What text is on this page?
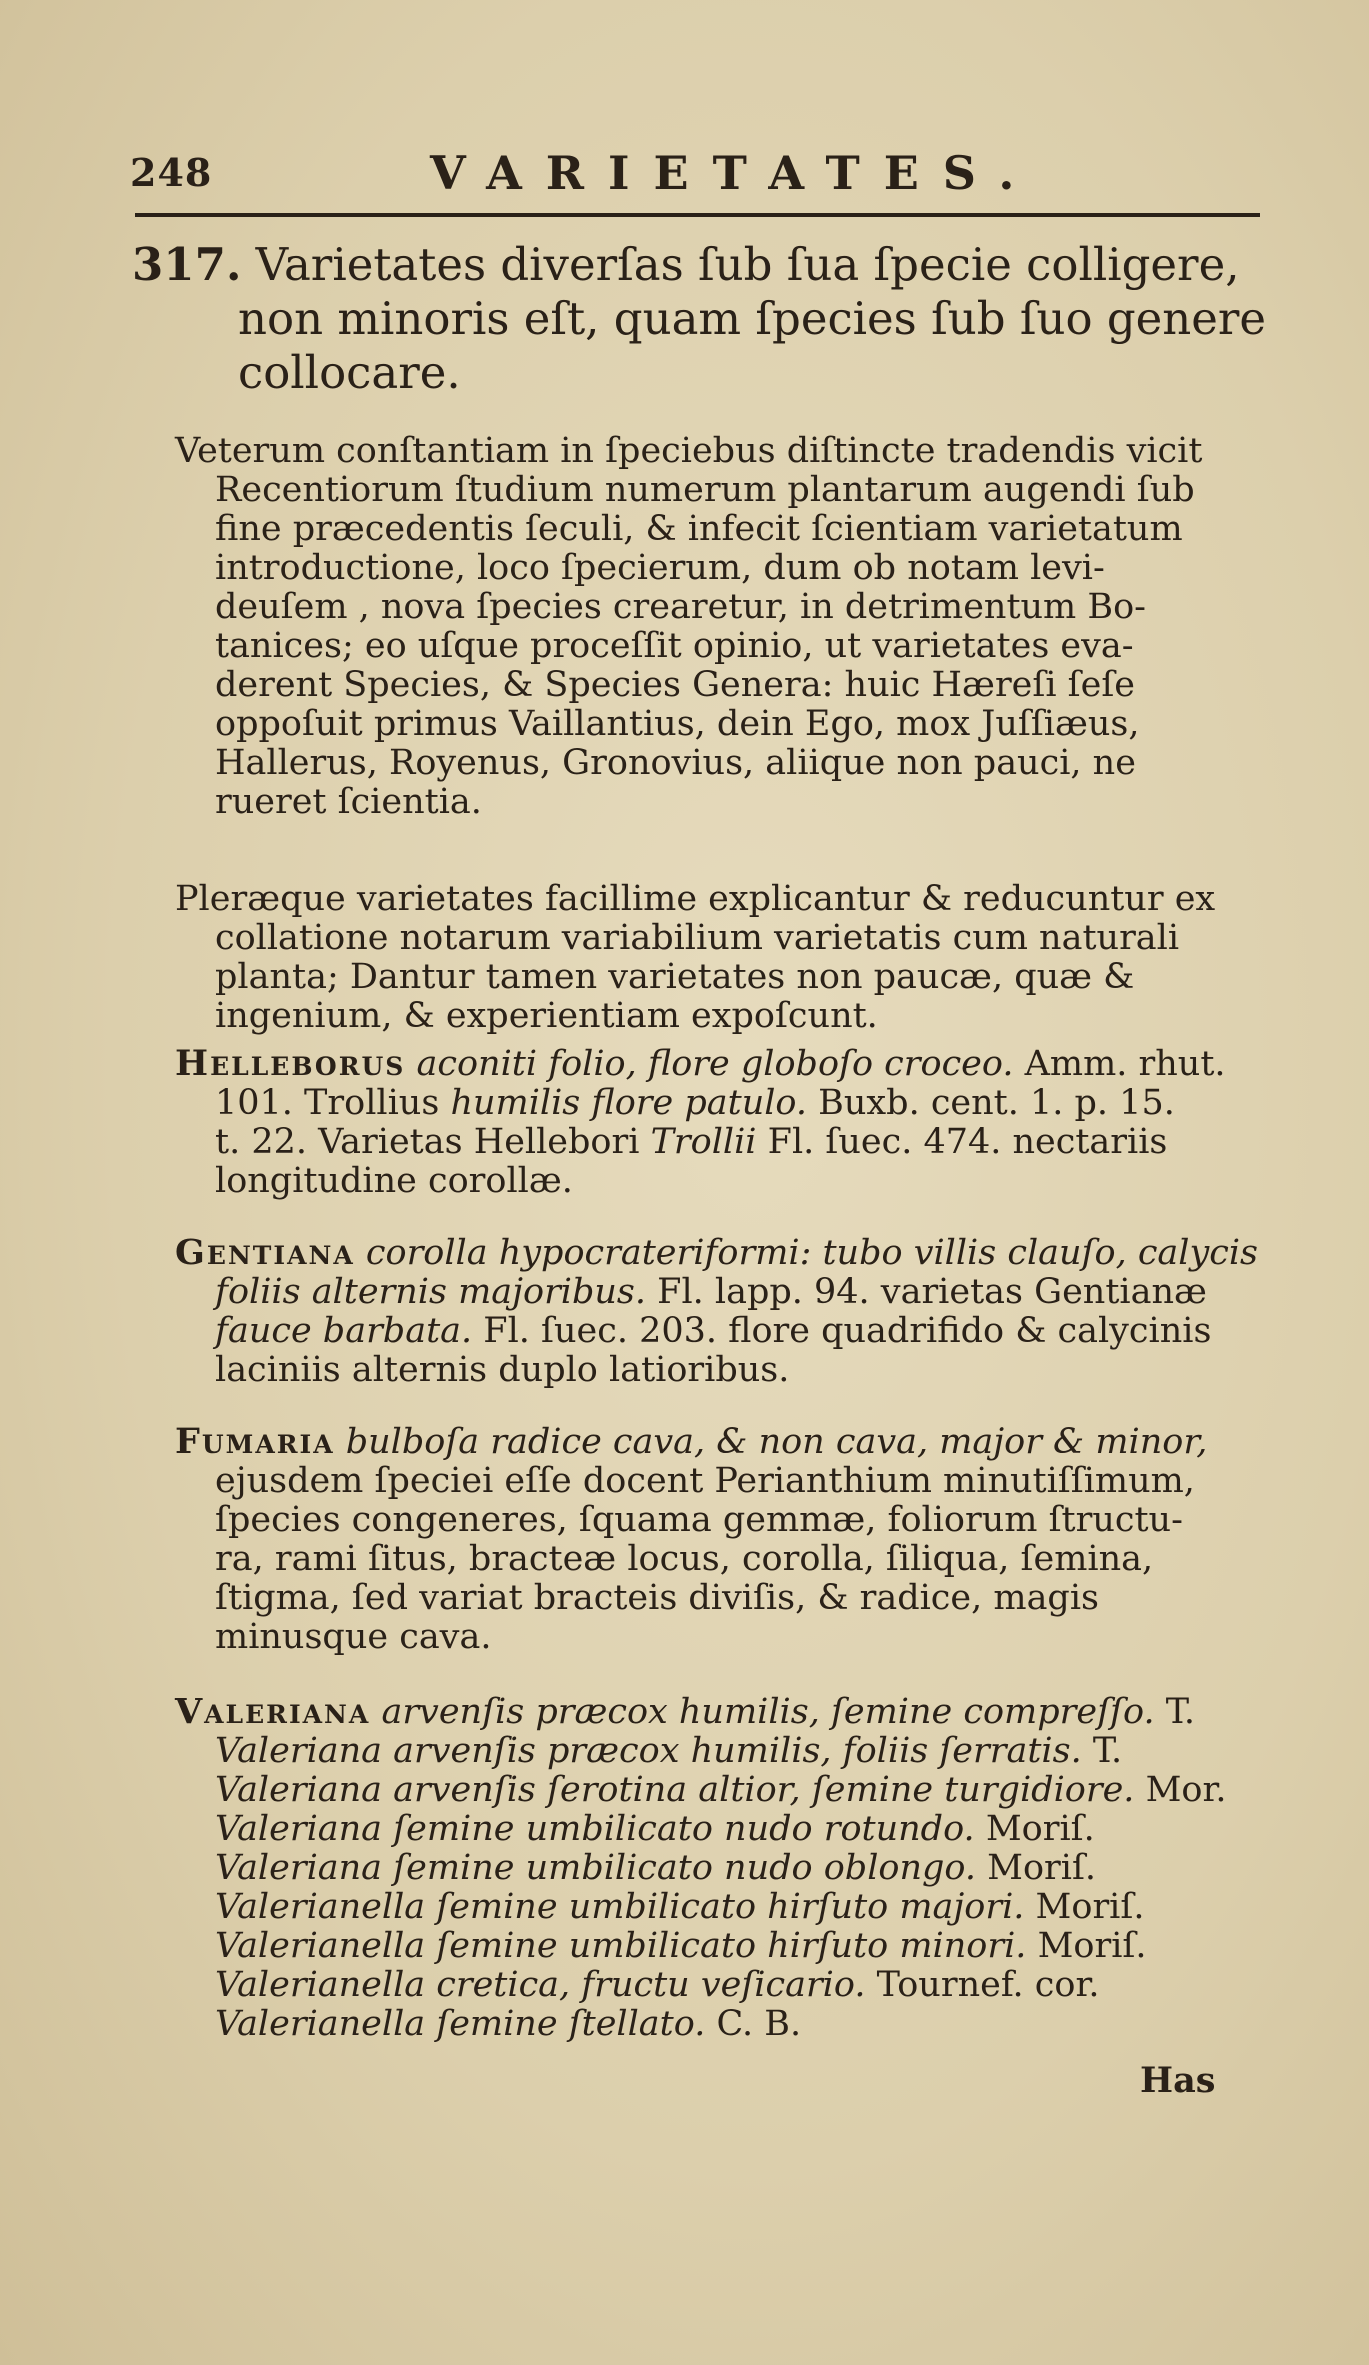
248	VARIETATES.
317. Varietates diverſas ſub ſua ſpecie colligere,
non minoris eſt, quam ſpecies ſub ſuo genere
collocare.
Veterum conſtantiam in ſpeciebus diſtinctе tradendis vicit
Recentiorum ſtudium numerum plantarum augendi ſub
fine præcedentis ſeculi, & infecit ſcientiam varietatum
introductione, loco ſpecierum, dum ob notam levi-
deuſem , nova ſpecies crearetur, in detrimentum Bo-
tanices; eo uſque proceſſit opinio, ut varietates eva-
derent Species, & Species Genera: huic Hæreſi ſeſe
oppoſuit primus Vaillantius, dein Ego, mox Juſſiæus,
Hallerus, Royenus, Gronovius, aliique non pauci, ne
rueret ſcientia.
Pleræque varietates facillime explicantur & reducuntur ex
collatione notarum variabilium varietatis cum naturali
planta; Dantur tamen varietates non paucæ, quæ &
ingenium, & experientiam expoſcunt.
Helleborus aconiti folio, flore globoſo croceo. Amm. rhut.
101. Trollius humilis flore patulo. Buxb. cent. 1. p. 15.
t. 22. Varietas Hellebori Trollii Fl. ſuec. 474. nectariis
longitudine corollæ.
Gentiana corolla hypocrateriformi: tubo villis clauſo, calycis
foliis alternis majoribus. Fl. lapp. 94. varietas Gentianæ
fauce barbata. Fl. ſuec. 203. flore quadrifido & calycinis
laciniis alternis duplo latioribus.
Fumaria bulboſa radice cava, & non cava, major & minor,
ejusdem ſpeciei eſſe docent Perianthium minutiſſimum,
ſpecies congeneres, ſquama gemmæ, foliorum ſtructu-
ra, rami ſitus, bracteæ locus, corolla, ſiliqua, ſemina,
ſtigma, ſed variat bracteis diviſis, & radice, magis
minusque cava.
Valeriana arvenſis præcox humilis, ſemine compreſſo. T.
Valeriana arvenſis præcox humilis, foliis ſerratis. T.
Valeriana arvenſis ſerotina altior, ſemine turgidiore. Mor.
Valeriana ſemine umbilicato nudo rotundo. Moriſ.
Valeriana ſemine umbilicato nudo oblongo. Moriſ.
Valerianella ſemine umbilicato hirſuto majori. Moriſ.
Valerianella ſemine umbilicato hirſuto minori. Moriſ.
Valerianella cretica, fructu veſicario. Tournef. cor.
Valerianella ſemine ſtellato. C. B.
Has
